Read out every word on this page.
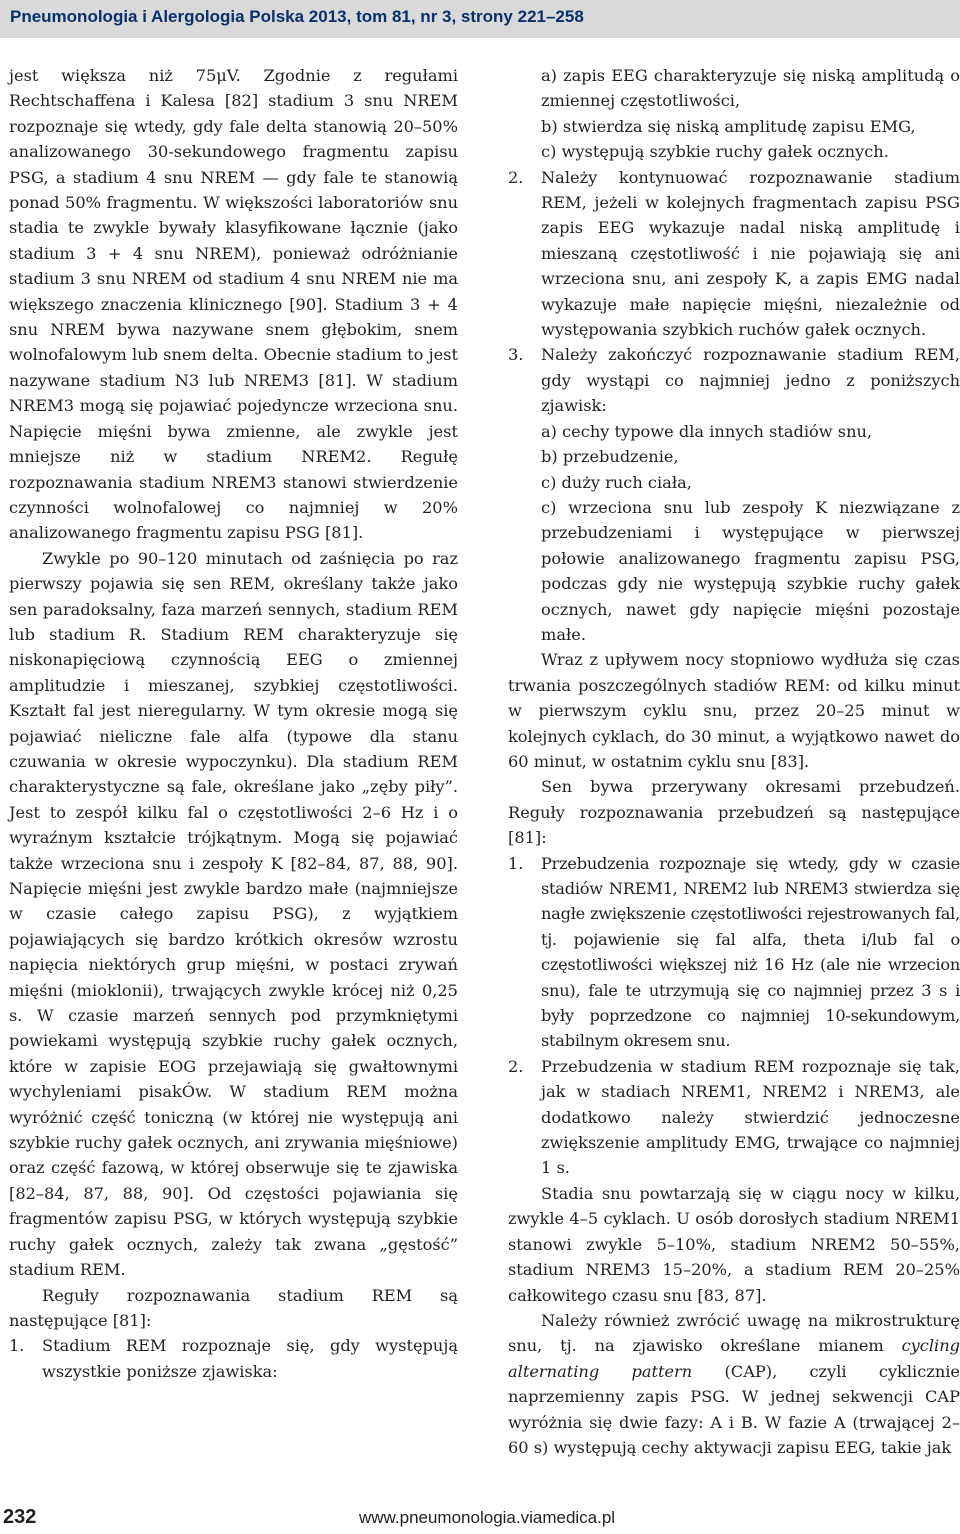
Pneumonologia i Alergologia Polska 2013, tom 81, nr 3, strony 221–258

jest większa niż 75μV. Zgodnie z regułami Rechtschaffena i Kalesa [82] stadium 3 snu NREM rozpoznaje się wtedy, gdy fale delta stanowią 20–50% analizowanego 30-sekundowego fragmentu zapisu PSG, a stadium 4 snu NREM — gdy fale te stanowią ponad 50% fragmentu. W większości laboratoriów snu stadia te zwykle bywały klasyfikowane łącznie (jako stadium 3 + 4 snu NREM), ponieważ odróżnianie stadium 3 snu NREM od stadium 4 snu NREM nie ma większego znaczenia klinicznego [90]. Stadium 3 + 4 snu NREM bywa nazywane snem głębokim, snem wolnofalowym lub snem delta. Obecnie stadium to jest nazywane stadium N3 lub NREM3 [81]. W stadium NREM3 mogą się pojawiać pojedyncze wrzeciona snu. Napięcie mięśni bywa zmienne, ale zwykle jest mniejsze niż w stadium NREM2. Regułę rozpoznawania stadium NREM3 stanowi stwierdzenie czynności wolnofalowej co najmniej w 20% analizowanego fragmentu zapisu PSG [81].

Zwykle po 90–120 minutach od zaśnięcia po raz pierwszy pojawia się sen REM, określany także jako sen paradoksalny, faza marzeń sennych, stadium REM lub stadium R. Stadium REM charakteryzuje się niskonapięciową czynnością EEG o zmiennej amplitudzie i mieszanej, szybkiej częstotliwości. Kształt fal jest nieregularny. W tym okresie mogą się pojawiać nieliczne fale alfa (typowe dla stanu czuwania w okresie wypoczynku). Dla stadium REM charakterystyczne są fale, określane jako „zęby piły”. Jest to zespół kilku fal o częstotliwości 2–6 Hz i o wyraźnym kształcie trójkątnym. Mogą się pojawiać także wrzeciona snu i zespoły K [82–84, 87, 88, 90]. Napięcie mięśni jest zwykle bardzo małe (najmniejsze w czasie całego zapisu PSG), z wyjątkiem pojawiających się bardzo krótkich okresów wzrostu napięcia niektórych grup mięśni, w postaci zrywań mięśni (mioklonii), trwających zwykle krócej niż 0,25 s. W czasie marzeń sennych pod przymkniętymi powiekami występują szybkie ruchy gałek ocznych, które w zapisie EOG przejawiają się gwałtownymi wychyleniami pisakÓw. W stadium REM można wyróżnić część toniczną (w której nie występują ani szybkie ruchy gałek ocznych, ani zrywania mięśniowe) oraz część fazową, w której obserwuje się te zjawiska [82–84, 87, 88, 90]. Od częstości pojawiania się fragmentów zapisu PSG, w których występują szybkie ruchy gałek ocznych, zależy tak zwana „gęstość” stadium REM.

Reguły rozpoznawania stadium REM są następujące [81]:

1.	Stadium REM rozpoznaje się, gdy występują wszystkie poniższe zjawiska:

a) zapis EEG charakteryzuje się niską amplitudą o zmiennej częstotliwości,

b) stwierdza się niską amplitudę zapisu EMG,

c) występują szybkie ruchy gałek ocznych.

2.	Należy kontynuować rozpoznawanie stadium REM, jeżeli w kolejnych fragmentach zapisu PSG zapis EEG wykazuje nadal niską amplitudę i mieszaną częstotliwość i nie pojawiają się ani wrzeciona snu, ani zespoły K, a zapis EMG nadal wykazuje małe napięcie mięśni, niezależnie od występowania szybkich ruchów gałek ocznych.
3.	Należy zakończyć rozpoznawanie stadium REM, gdy wystąpi co najmniej jedno z poniższych zjawisk:

a) cechy typowe dla innych stadiów snu,

b) przebudzenie,

c) duży ruch ciała,

c) wrzeciona snu lub zespoły K niezwiązane z przebudzeniami i występujące w pierwszej połowie analizowanego fragmentu zapisu PSG, podczas gdy nie występują szybkie ruchy gałek ocznych, nawet gdy napięcie mięśni pozostaje małe.

Wraz z upływem nocy stopniowo wydłuża się czas trwania poszczególnych stadiów REM: od kilku minut w pierwszym cyklu snu, przez 20–25 minut w kolejnych cyklach, do 30 minut, a wyjątkowo nawet do 60 minut, w ostatnim cyklu snu [83].

Sen bywa przerywany okresami przebudzeń. Reguły rozpoznawania przebudzeń są następujące [81]:

1.	Przebudzenia rozpoznaje się wtedy, gdy w czasie stadiów NREM1, NREM2 lub NREM3 stwierdza się nagłe zwiększenie częstotliwości rejestrowanych fal, tj. pojawienie się fal alfa, theta i/lub fal o częstotliwości większej niż 16 Hz (ale nie wrzecion snu), fale te utrzymują się co najmniej przez 3 s i były poprzedzone co najmniej 10-sekundowym, stabilnym okresem snu.
2.	Przebudzenia w stadium REM rozpoznaje się tak, jak w stadiach NREM1, NREM2 i NREM3, ale dodatkowo należy stwierdzić jednoczesne zwiększenie amplitudy EMG, trwające co najmniej 1 s.

Stadia snu powtarzają się w ciągu nocy w kilku, zwykle 4–5 cyklach. U osób dorosłych stadium NREM1 stanowi zwykle 5–10%, stadium NREM2 50–55%, stadium NREM3 15–20%, a stadium REM 20–25% całkowitego czasu snu [83, 87].

Należy również zwrócić uwagę na mikrostrukturę snu, tj. na zjawisko określane mianem cycling alternating pattern (CAP), czyli cyklicznie naprzemienny zapis PSG. W jednej sekwencji CAP wyróżnia się dwie fazy: A i B. W fazie A (trwającej 2–60 s) występują cechy aktywacji zapisu EEG, takie jak

232	www.pneumonologia.viamedica.pl
